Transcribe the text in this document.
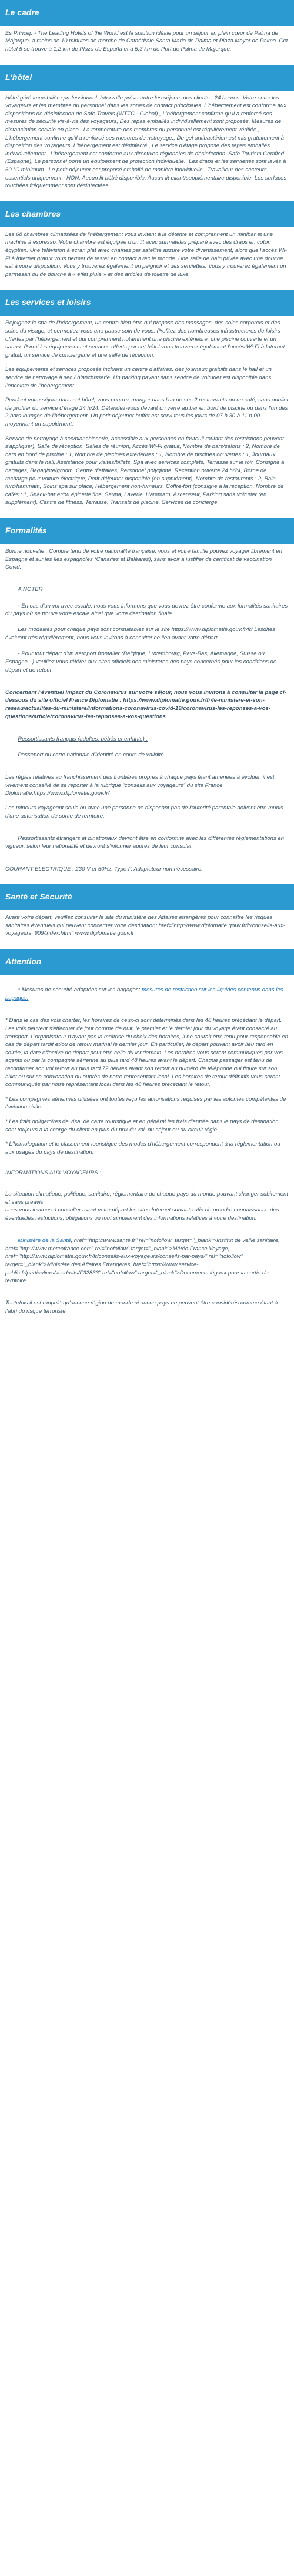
Le cadre

Es Princep - The Leading Hotels of the World est la solution idéale pour un séjour en plein cœur de Palma de Majorque, à moins de 10 minutes de marche de Cathédrale Santa Maria de Palma et Plaza Mayor de Palma. Cet hôtel 5 se trouve à 1,2 km de Plaza de España et à 5,3 km de Port de Palma de Majorque.

L'hôtel

Hôtel géré immobilière professionnel. Intervalle prévu entre les séjours des clients : 24 heures. Votre entre les voyageurs et les membres du personnel dans les zones de contact principales. L'hébergement est conforme aux dispositions de désinfection de Safe Travels (WTTC - Global)., L'hébergement confirme qu'il a renforcé ses mesures de sécurité vis-à-vis des voyageurs, Des repas emballés individuellement sont proposés. Mesures de distanciation sociale en place., La température des membres du personnel est régulièrement vérifiée., L'hébergement confirme qu'il a renforcé ses mesures de nettoyage., Du gel antibactérien est mis gratuitement à disposition des voyageurs, L'hébergement est désinfecté., Le service d'étage propose des repas emballés individuellement., L'hébergement est conforme aux directives régionales de désinfection. Safe Tourism Certified (Espagne), Le personnel porte un équipement de protection individuelle., Les draps et les serviettes sont lavés à 60 °C minimum., Le petit-déjeuner est proposé emballé de manière individuelle., Travailleur des secteurs essentiels uniquement - NON, Aucun lit bébé disponible, Aucun lit pliant/supplémentaire disponible, Les surfaces touchées fréquemment sont désinfectées.

Les chambres

Les 68 chambres climatisées de l'hébergement vous invitent à la détente et comprennent un minibar et une machine à espresso. Votre chambre est équipée d'un lit avec surmatelas préparé avec des draps en coton égyptien. Une télévision à écran plat avec chaînes par satellite assure votre divertissement, alors que l'accès Wi-Fi à Internet gratuit vous permet de rester en contact avec le monde. Une salle de bain privée avec une douche est à votre disposition. Vous y trouverez également un peignoir et des serviettes. Vous y trouverez également un parmesan ou de douche à « effet pluie » et des articles de toilette de luxe.

Les services et loisirs

Rejoignez le spa de l'hébergement, un centre bien-être qui propose des massages, des soins corporels et des soins du visage, et permettez-vous une pause soin de vous. Profitez des nombreuses infrastructures de loisirs offertes par l'hébergement et qui comprennent notamment une piscine extérieure, une piscine couverte et un sauna. Parmi les équipements et services offerts par cet hôtel vous trouverez également l'accès Wi-Fi à Internet gratuit, un service de conciergerie et une salle de réception.

Les équipements et services proposés incluent un centre d'affaires, des journaux gratuits dans le hall et un service de nettoyage à sec / blanchisserie. Un parking payant sans service de voiturier est disponible dans l'enceinte de l'hébergement.

Pendant votre séjour dans cet hôtel, vous pourrez manger dans l'un de ses 2 restaurants ou un café, sans oublier de profiter du service d'étage 24 h/24. Détendez-vous devant un verre au bar en bord de piscine ou dans l'un des 2 bars-lounges de l'hébergement. Un petit-déjeuner buffet est servi tous les jours de 07 h 30 à 11 h 00 moyennant un supplément.

Service de nettoyage à sec/blanchisserie, Accessible aux personnes en fauteuil roulant (les restrictions peuvent s'appliquer), Salle de réception, Salles de réunion, Accès Wi-Fi gratuit, Nombre de bars/salons : 2, Nombre de bars en bord de piscine : 1, Nombre de piscines extérieures : 1, Nombre de piscines couvertes : 1, Journaux gratuits dans le hall, Assistance pour visites/billets, Spa avec services complets, Terrasse sur le toit, Consigne à bagages, Bagagiste/groom, Centre d'affaires, Personnel polyglotte, Réception ouverte 24 h/24, Borne de recharge pour voiture électrique, Petit-déjeuner disponible (en supplément), Nombre de restaurants : 2, Bain turc/hammam, Soins spa sur place, Hébergement non-fumeurs, Coffre-fort (consigne à la réception, Nombre de cafés : 1, Snack-bar et/ou épicerie fine, Sauna, Laverie, Hammam, Ascenseur, Parking sans voiturier (en supplément), Centre de fitness, Terrasse, Transats de piscine, Services de concierge

Formalités

Bonne nouvelle : Compte tenu de votre nationalité française, vous et votre famille pouvez voyager librement en Espagne et sur les îles espagnoles (Canaries et Baléares), sans avoir à justifier de certificat de vaccination Covid.

A NOTER

- En cas d'un vol avec escale, nous vous informons que vous devrez être conforme aux formalités sanitaires du pays où se trouve votre escale ainsi que votre destination finale.

Les modalités pour chaque pays sont consultables sur le site https://www.diplomatie.gouv.fr/fr/ Lesdites évoluant très régulièrement, nous vous invitons à consulter ce lien avant votre départ.

- Pour tout départ d'un aéroport frontalier (Belgique, Luxembourg, Pays-Bas, Allemagne, Suisse ou Espagne...) veuillez vous référer aux sites officiels des ministères des pays concernés pour les conditions de départ et de retour.

Concernant l'éventuel impact du Coronavirus sur votre séjour, nous vous invitons à consulter la page ci-dessous du site officiel France Diplomatie : https://www.diplomatie.gouv.fr/fr/le-ministere-et-son-reseau/actualites-du-ministere/informations-coronavirus-covid-19/coronavirus-les-reponses-a-vos-questions/article/coronavirus-les-reponses-a-vos-questions

Ressortissants français (adultes, bébés et enfants) :

Passeport ou carte nationale d'identité en cours de validité.

Les règles relatives au franchissement des frontières propres à chaque pays étant amenées à évoluer, il est vivement conseillé de se reporter à la rubrique "conseils aux voyageurs" du site France Diplomatie,https://www.diplomatie.gouv.fr/

Les mineurs voyageant seuls ou avec une personne ne disposant pas de l'autorité parentale doivent être munis d'une autorisation de sortie de territoire.

Ressortissants étrangers et binationaux devront être en conformité avec les différentes réglementations en vigueur, selon leur nationalité et devront s'informer auprès de leur consulat.

COURANT ELECTRIQUE : 230 V et 50Hz. Type F. Adaptateur non nécessaire.

Santé et Sécurité

Avant votre départ, veuillez consulter le site du ministère des Affaires étrangères pour connaître les risques sanitaires éventuels qui peuvent concerner votre destination: href="http://www.diplomatie.gouv.fr/fr/conseils-aux-voyageurs_909/index.html">www.diplomatie.gouv.fr

Attention

* Mesures de sécurité adoptées sur les bagages: mesures de restriction sur les liquides contenus dans les bagages.

* Dans le cas des vols charter, les horaires de ceux-ci sont déterminés dans les 48 heures précédant le départ. Les vols peuvent s'effectuer de jour comme de nuit, le premier et le dernier jour du voyage étant consacré au transport. L'organisateur n'ayant pas la maîtrise du choix des horaires, il ne saurait être tenu pour responsable en cas de départ tardif et/ou de retour matinal le dernier jour. En particulier, le départ pouvant avoir lieu tard en soirée, la date effective de départ peut être celle du lendemain. Les horaires vous seront communiqués par vos agents ou par la compagnie aérienne au plus tard 48 heures avant le départ. Chaque passager est tenu de reconfirmer son vol retour au plus tard 72 heures avant son retour au numéro de téléphone qui figure sur son billet ou sur sa convocation ou auprès de notre représentant local. Les horaires de retour définitifs vous seront communiqués par notre représentant local dans les 48 heures précédant le retour.

* Les compagnies aériennes utilisées ont toutes reçu les autorisations requises par les autorités compétentes de l'aviation civile.

* Les frais obligatoires de visa, de carte touristique et en général les frais d'entrée dans le pays de destination sont toujours à la charge du client en plus du prix du vol, du séjour ou du circuit réglé.

* L'homologation et le classement touristique des modes d'hébergement correspondent à la réglementation ou aux usages du pays de destination.

INFORMATIONS AUX VOYAGEURS :

La situation climatique, politique, sanitaire, réglementaire de chaque pays du monde pouvant changer subitement et sans préavis
nous vous invitons à consulter avant votre départ les sites Internet suivants afin de prendre connaissance des éventuelles restrictions, obligations ou tout simplement des informations relatives à votre destination.

Ministère de la Santé, href="http://www.sante.fr" rel="nofollow" target="_blank">Institut de veille sanitaire, href="http://www.meteofrance.com" rel="nofollow" target="_blank">Météo France Voyage, href="http://www.diplomatie.gouv.fr/fr/conseils-aux-voyageurs/conseils-par-pays/" rel="nofollow" target="_blank">Ministère des Affaires Etrangères, href="https://www.service-public.fr/particuliers/vosdroits/F32833" rel="nofollow" target="_blank">Documents légaux pour la sortie du territoire.

Toutefois il est rappelé qu'aucune région du monde ni aucun pays ne peuvent être considérés comme étant à l'abri du risque terroriste.
